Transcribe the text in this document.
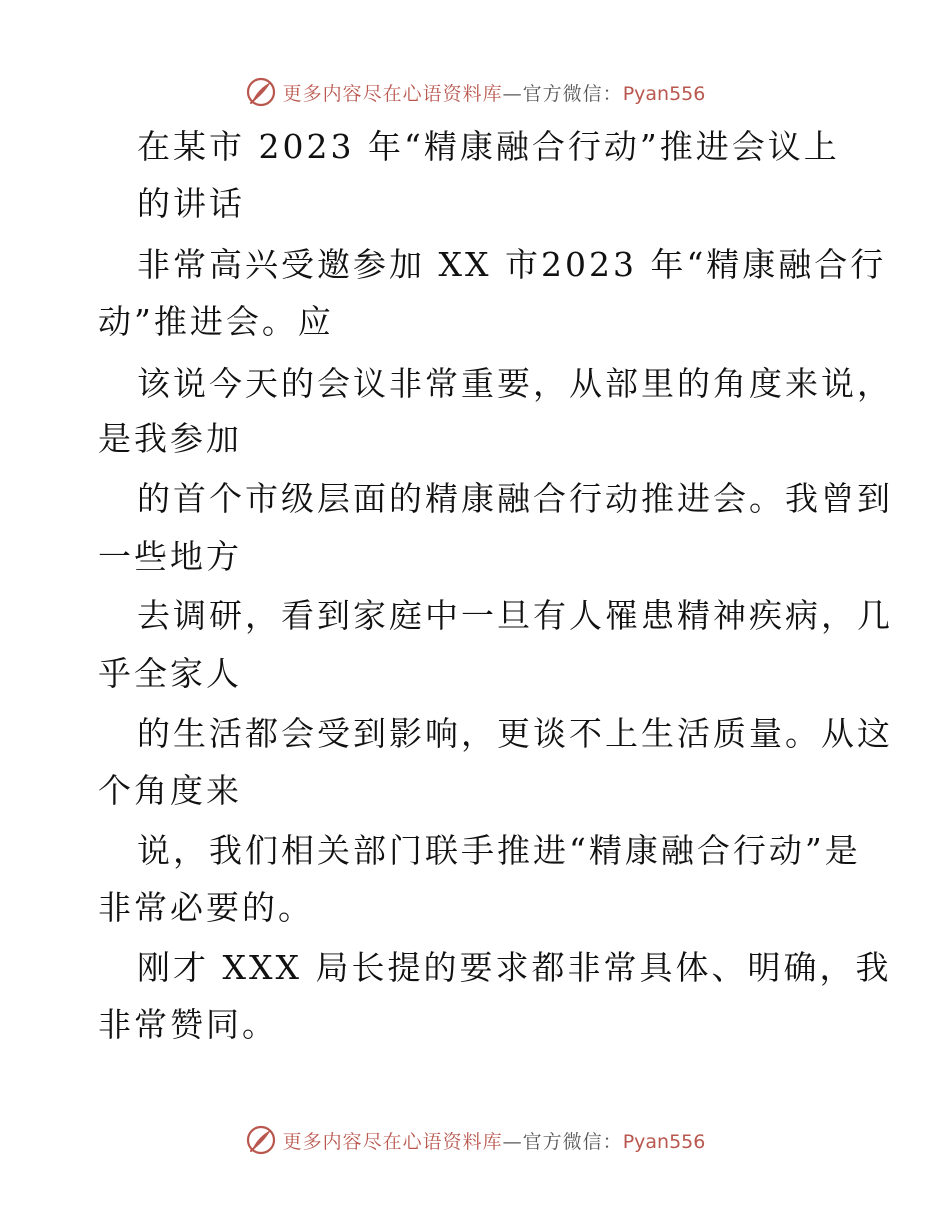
更多内容尽在心语资料库—官方微信：Pyan556
在某市 2023 年“精康融合行动”推进会议上
的讲话
非常高兴受邀参加 XX 市2023 年“精康融合行
动”推进会。应
该说今天的会议非常重要，从部里的角度来说，
是我参加
的首个市级层面的精康融合行动推进会。我曾到
一些地方
去调研，看到家庭中一旦有人罹患精神疾病，几
乎全家人
的生活都会受到影响，更谈不上生活质量。从这
个角度来
说，我们相关部门联手推进“精康融合行动”是
非常必要的。
刚才 XXX 局长提的要求都非常具体、明确，我
非常赞同。
更多内容尽在心语资料库—官方微信：Pyan556
